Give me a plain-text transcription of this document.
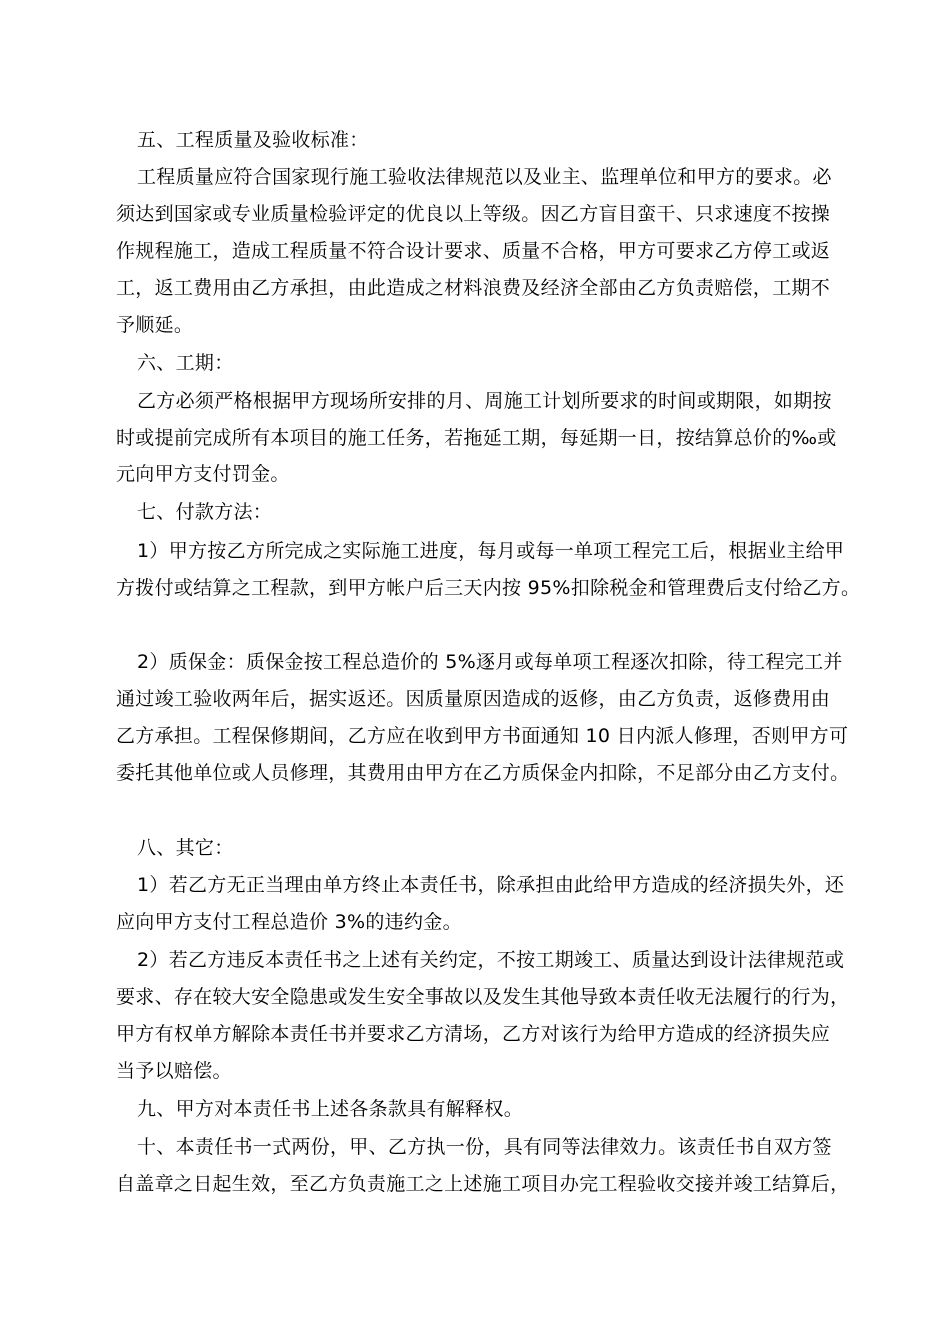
五、工程质量及验收标准：
工程质量应符合国家现行施工验收法律规范以及业主、监理单位和甲方的要求。必
须达到国家或专业质量检验评定的优良以上等级。因乙方盲目蛮干、只求速度不按操
作规程施工，造成工程质量不符合设计要求、质量不合格，甲方可要求乙方停工或返
工，返工费用由乙方承担，由此造成之材料浪费及经济全部由乙方负责赔偿，工期不
予顺延。
六、工期：
乙方必须严格根据甲方现场所安排的月、周施工计划所要求的时间或期限，如期按
时或提前完成所有本项目的施工任务，若拖延工期，每延期一日，按结算总价的‰或
元向甲方支付罚金。
七、付款方法：
1）甲方按乙方所完成之实际施工进度，每月或每一单项工程完工后，根据业主给甲
方拨付或结算之工程款，到甲方帐户后三天内按 95%扣除税金和管理费后支付给乙方。
2）质保金：质保金按工程总造价的 5%逐月或每单项工程逐次扣除，待工程完工并
通过竣工验收两年后，据实返还。因质量原因造成的返修，由乙方负责，返修费用由
乙方承担。工程保修期间，乙方应在收到甲方书面通知 10 日内派人修理，否则甲方可
委托其他单位或人员修理，其费用由甲方在乙方质保金内扣除，不足部分由乙方支付。
八、其它：
1）若乙方无正当理由单方终止本责任书，除承担由此给甲方造成的经济损失外，还
应向甲方支付工程总造价 3%的违约金。
2）若乙方违反本责任书之上述有关约定，不按工期竣工、质量达到设计法律规范或
要求、存在较大安全隐患或发生安全事故以及发生其他导致本责任收无法履行的行为，
甲方有权单方解除本责任书并要求乙方清场，乙方对该行为给甲方造成的经济损失应
当予以赔偿。
九、甲方对本责任书上述各条款具有解释权。
十、本责任书一式两份，甲、乙方执一份，具有同等法律效力。该责任书自双方签
自盖章之日起生效，至乙方负责施工之上述施工项目办完工程验收交接并竣工结算后，
